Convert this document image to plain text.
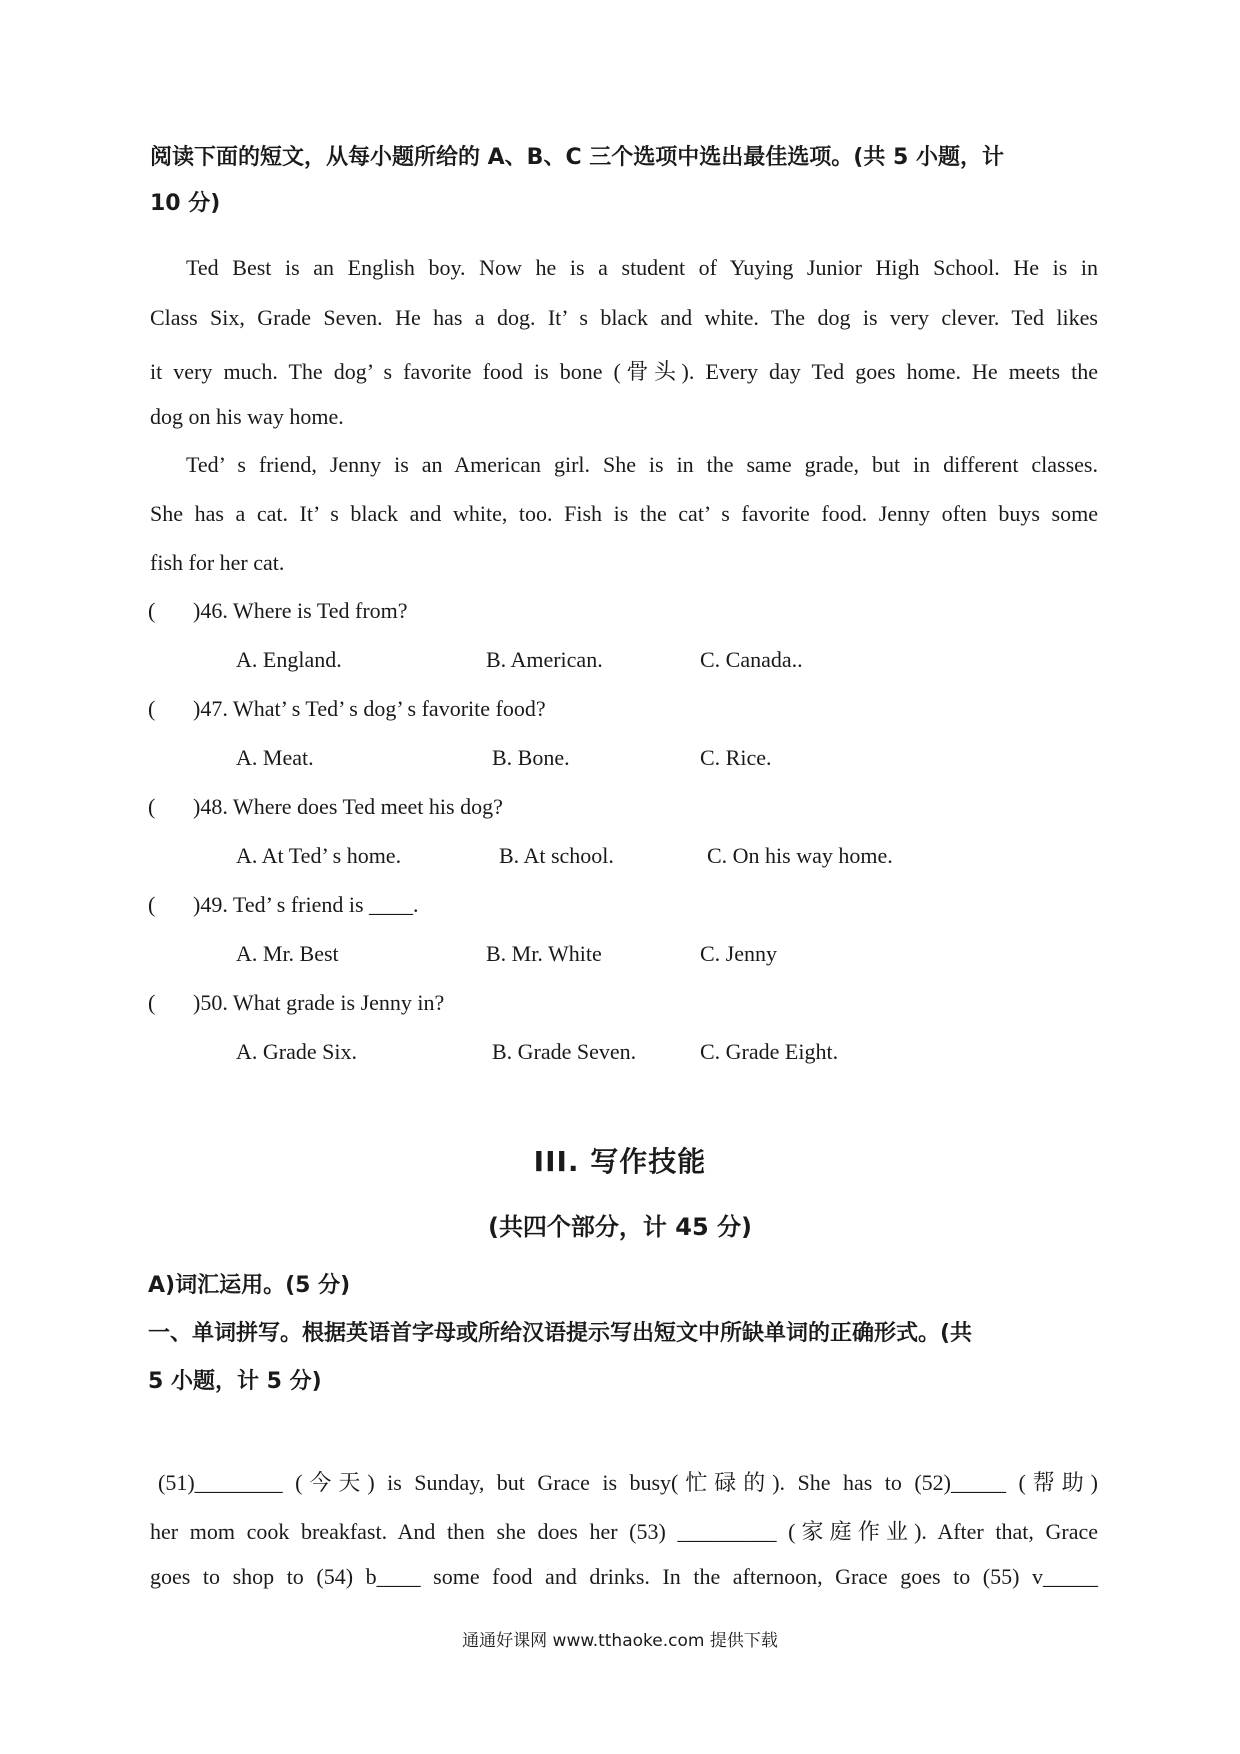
阅读下面的短文，从每小题所给的 A、B、C 三个选项中选出最佳选项。(共 5 小题，计
10 分)
Ted Best is an English boy. Now he is a student of Yuying Junior High School. He is in
Class Six, Grade Seven. He has a dog. It’ s black and white. The dog is very clever. Ted likes
it very much. The dog’ s favorite food is bone (骨头). Every day Ted goes home. He meets the
dog on his way home.
Ted’ s friend, Jenny is an American girl. She is in the same grade, but in different classes.
She has a cat. It’ s black and white, too. Fish is the cat’ s favorite food. Jenny often buys some
fish for her cat.
( )46. Where is Ted from?
A. England.	B. American.	C. Canada..
( )47. What’ s Ted’ s dog’ s favorite food?
A. Meat.	B. Bone.	C. Rice.
( )48. Where does Ted meet his dog?
A. At Ted’ s home.	B. At school.	C. On his way home.
( )49. Ted’ s friend is ____.
A. Mr. Best	B. Mr. White	C. Jenny
( )50. What grade is Jenny in?
A. Grade Six.	B. Grade Seven.	C. Grade Eight.
III. 写作技能
(共四个部分，计 45 分)
A)词汇运用。(5 分)
一、单词拼写。根据英语首字母或所给汉语提示写出短文中所缺单词的正确形式。(共
5 小题，计 5 分)
(51)________ (今天) is Sunday, but Grace is busy(忙碌的). She has to (52)_____ (帮助)
her mom cook breakfast. And then she does her (53) _________ (家庭作业). After that, Grace
goes to shop to (54) b____ some food and drinks. In the afternoon, Grace goes to (55) v_____
通通好课网 www.tthaoke.com 提供下载
